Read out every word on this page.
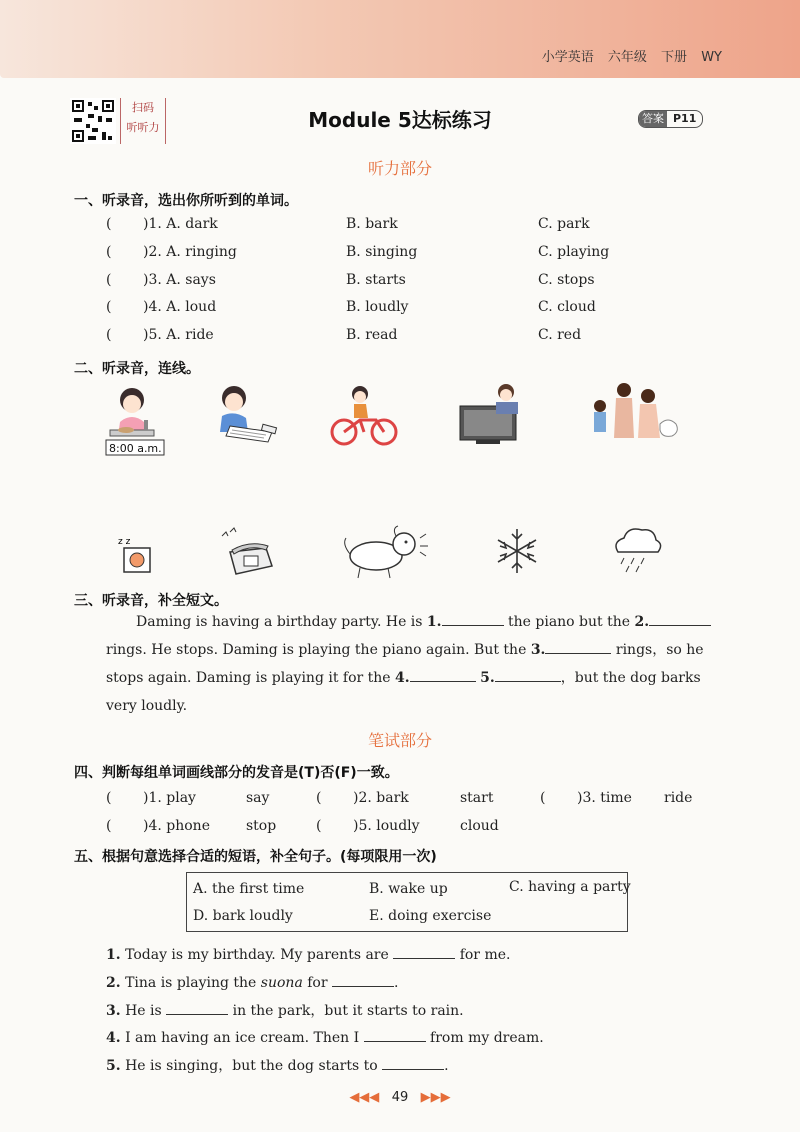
小学英语 六年级 下册 WY
扫码
听听力	Module 5达标练习	答案 P11
听力部分
一、听录音，选出你所听到的单词。
( )1. A. dark	B. bark	C. park
( )2. A. ringing	B. singing	C. playing
( )3. A. says	B. starts	C. stops
( )4. A. loud	B. loudly	C. cloud
( )5. A. ride	B. read	C. red
二、听录音，连线。
8:00 a.m.
z z
三、听录音，补全短文。
Daming is having a birthday party. He is 1.	the piano but the 2.
rings. He stops. Daming is playing the piano again. But the 3.	rings，so he
stops again. Daming is playing it for the 4.	5.	，but the dog barks
very loudly.
笔试部分
四、判断每组单词画线部分的发音是(T)否(F)一致。
( )1. play	say	( )2. bark	start	( )3. time ride
( )4. phone	stop	( )5. loudly	cloud
五、根据句意选择合适的短语，补全句子。(每项限用一次)
A. the first time	B. wake up	C. having a party
D. bark loudly	E. doing exercise
1. Today is my birthday. My parents are	for me.
2. Tina is playing the suona for	.
3. He is	in the park，but it starts to rain.
4. I am having an ice cream. Then I	from my dream.
5. He is singing，but the dog starts to	.
◀◀◀ 49 ▶▶▶
